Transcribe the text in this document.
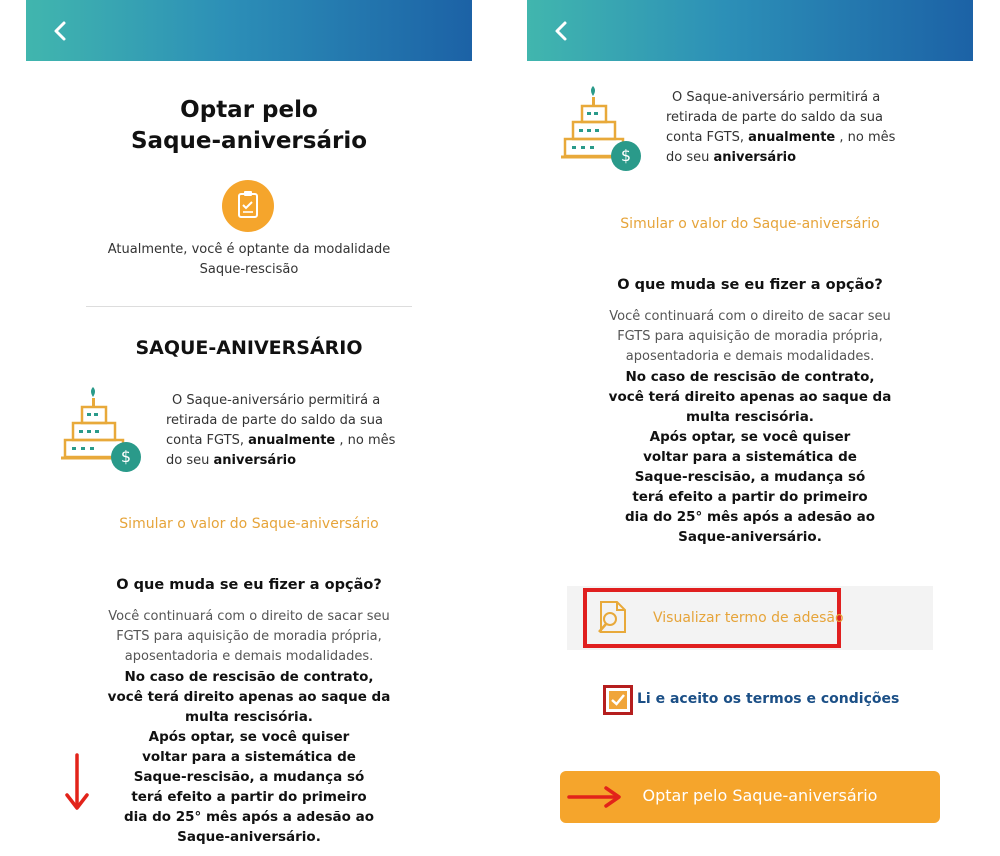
Optar pelo
Saque-aniversário
Atualmente, você é optante da modalidade
Saque-rescisão
SAQUE-ANIVERSÁRIO
$
O Saque-aniversário permitirá a
retirada de parte do saldo da sua
conta FGTS, anualmente , no mês
do seu aniversário
Simular o valor do Saque-aniversário
O que muda se eu fizer a opção?
Você continuará com o direito de sacar seu
FGTS para aquisição de moradia própria,
aposentadoria e demais modalidades.
No caso de rescisão de contrato,
você terá direito apenas ao saque da
multa rescisória.
Após optar, se você quiser
voltar para a sistemática de
Saque-rescisão, a mudança só
terá efeito a partir do primeiro
dia do 25° mês após a adesão ao
Saque-aniversário.
$
O Saque-aniversário permitirá a
retirada de parte do saldo da sua
conta FGTS, anualmente , no mês
do seu aniversário
Simular o valor do Saque-aniversário
O que muda se eu fizer a opção?
Você continuará com o direito de sacar seu
FGTS para aquisição de moradia própria,
aposentadoria e demais modalidades.
No caso de rescisão de contrato,
você terá direito apenas ao saque da
multa rescisória.
Após optar, se você quiser
voltar para a sistemática de
Saque-rescisão, a mudança só
terá efeito a partir do primeiro
dia do 25° mês após a adesão ao
Saque-aniversário.
Visualizar termo de adesão
Li e aceito os termos e condições
Optar pelo Saque-aniversário
